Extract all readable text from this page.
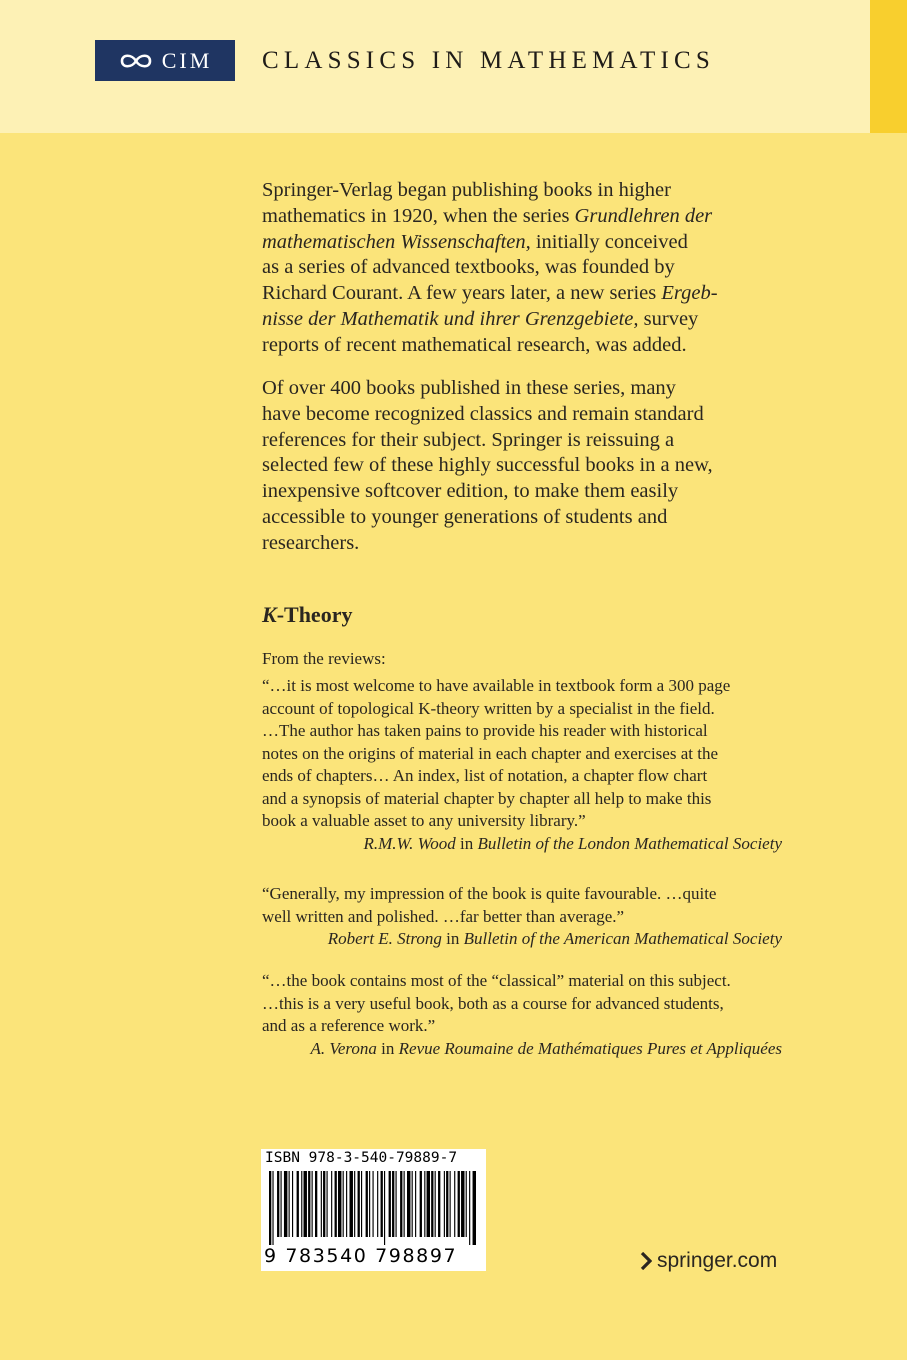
CIM CLASSICS IN MATHEMATICS
Springer-Verlag began publishing books in higher
mathematics in 1920, when the series Grundlehren der
mathematischen Wissenschaften, initially conceived
as a series of advanced textbooks, was founded by
Richard Courant. A few years later, a new series Ergeb-
nisse der Mathematik und ihrer Grenzgebiete, survey
reports of recent mathematical research, was added.
Of over 400 books published in these series, many
have become recognized classics and remain standard
references for their subject. Springer is reissuing a
selected few of these highly successful books in a new,
inexpensive softcover edition, to make them easily
accessible to younger generations of students and
researchers.
K-Theory
From the reviews:
“…it is most welcome to have available in textbook form a 300 page
account of topological K-theory written by a specialist in the field.
…The author has taken pains to provide his reader with historical
notes on the origins of material in each chapter and exercises at the
ends of chapters… An index, list of notation, a chapter flow chart
and a synopsis of material chapter by chapter all help to make this
book a valuable asset to any university library.”
R.M.W. Wood in Bulletin of the London Mathematical Society
“Generally, my impression of the book is quite favourable. …quite
well written and polished. …far better than average.”
Robert E. Strong in Bulletin of the American Mathematical Society
“…the book contains most of the “classical” material on this subject.
…this is a very useful book, both as a course for advanced students,
and as a reference work.”
A. Verona in Revue Roumaine de Mathématiques Pures et Appliquées
ISBN 978-3-540-79889-7
9 783540 798897	springer.com
